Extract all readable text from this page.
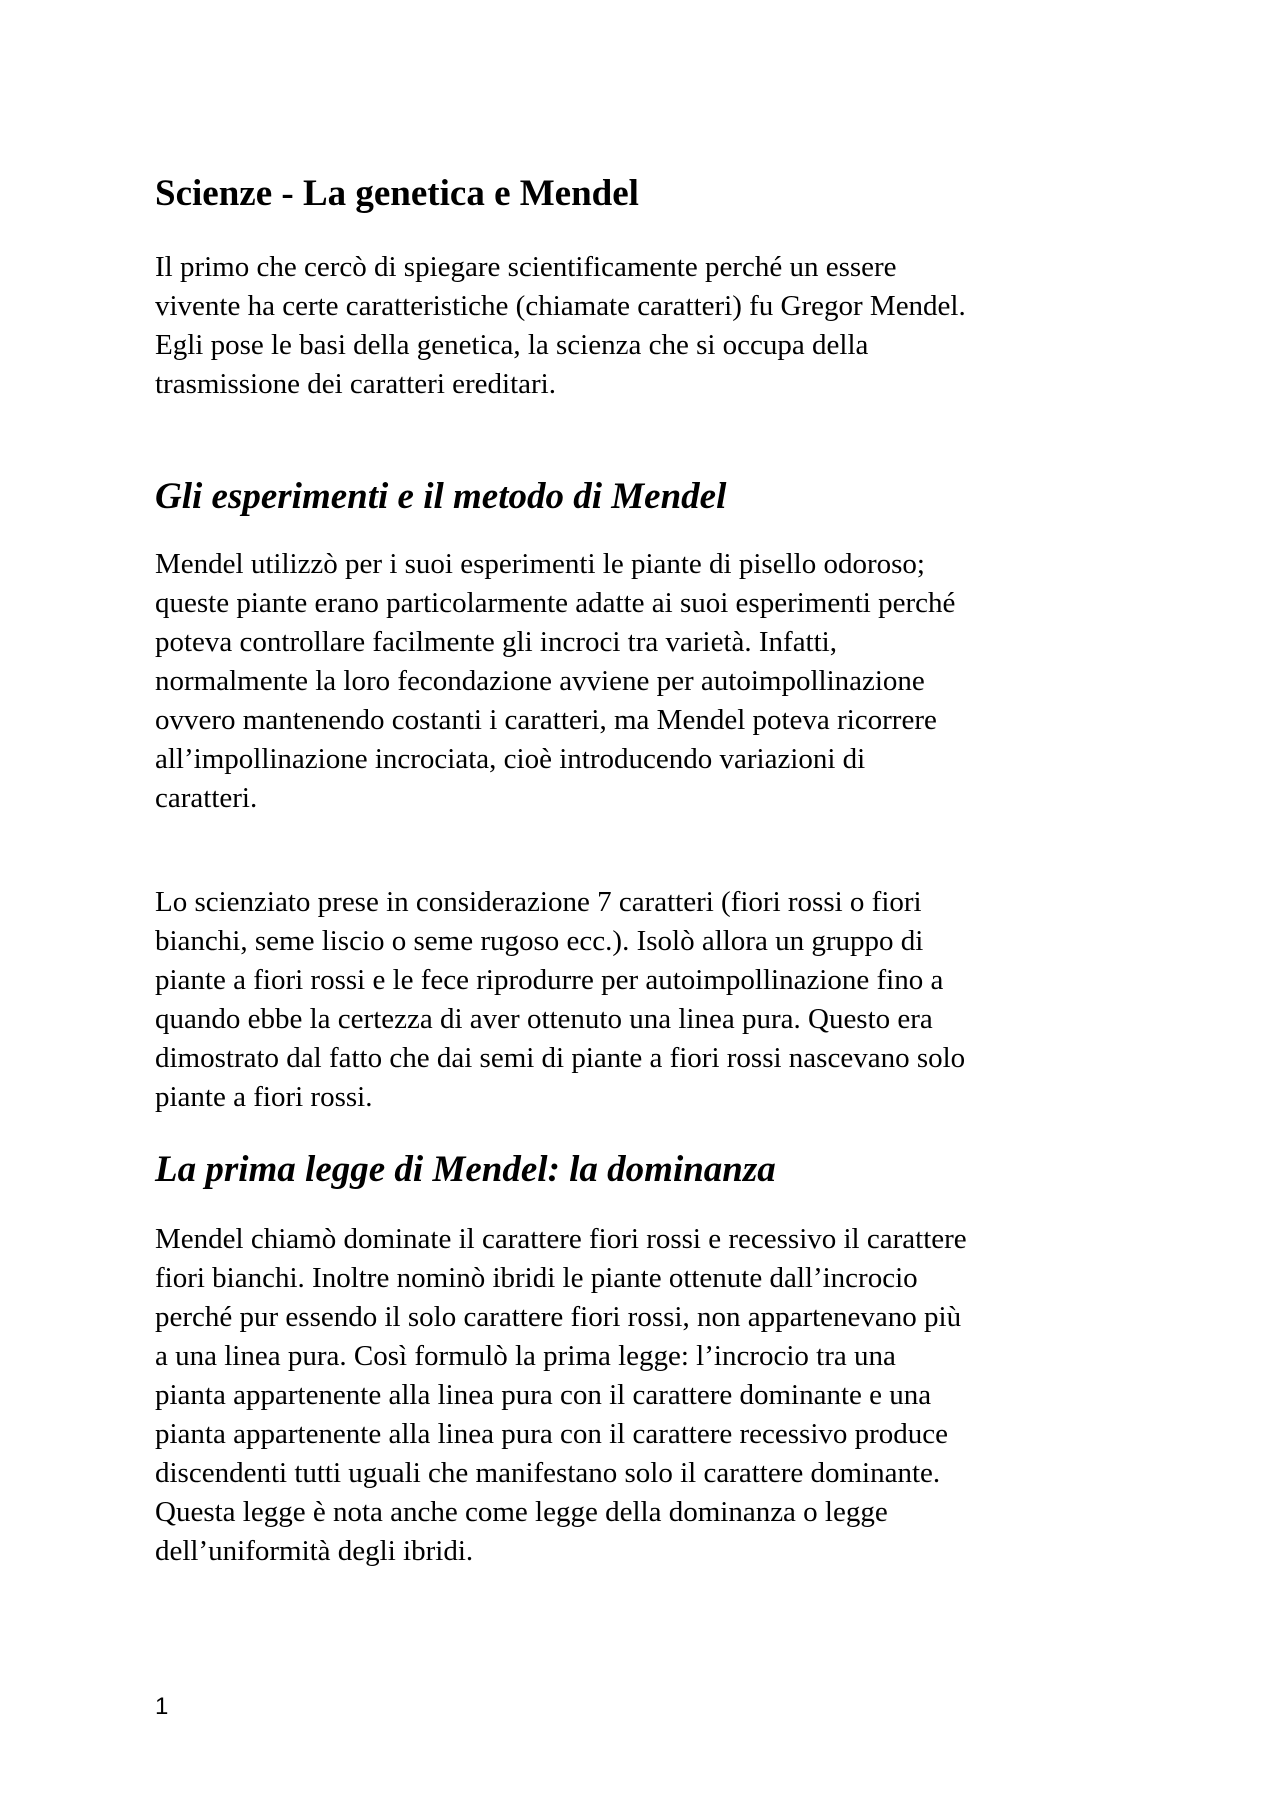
Scienze - La genetica e Mendel

Il primo che cercò di spiegare scientificamente perché un essere
vivente ha certe caratteristiche (chiamate caratteri) fu Gregor Mendel.
Egli pose le basi della genetica, la scienza che si occupa della
trasmissione dei caratteri ereditari.

Gli esperimenti e il metodo di Mendel

Mendel utilizzò per i suoi esperimenti le piante di pisello odoroso;
queste piante erano particolarmente adatte ai suoi esperimenti perché
poteva controllare facilmente gli incroci tra varietà. Infatti,
normalmente la loro fecondazione avviene per autoimpollinazione
ovvero mantenendo costanti i caratteri, ma Mendel poteva ricorrere
all’impollinazione incrociata, cioè introducendo variazioni di
caratteri.

Lo scienziato prese in considerazione 7 caratteri (fiori rossi o fiori
bianchi, seme liscio o seme rugoso ecc.). Isolò allora un gruppo di
piante a fiori rossi e le fece riprodurre per autoimpollinazione fino a
quando ebbe la certezza di aver ottenuto una linea pura. Questo era
dimostrato dal fatto che dai semi di piante a fiori rossi nascevano solo
piante a fiori rossi.

La prima legge di Mendel: la dominanza

Mendel chiamò dominate il carattere fiori rossi e recessivo il carattere
fiori bianchi. Inoltre nominò ibridi le piante ottenute dall’incrocio
perché pur essendo il solo carattere fiori rossi, non appartenevano più
a una linea pura. Così formulò la prima legge: l’incrocio tra una
pianta appartenente alla linea pura con il carattere dominante e una
pianta appartenente alla linea pura con il carattere recessivo produce
discendenti tutti uguali che manifestano solo il carattere dominante.
Questa legge è nota anche come legge della dominanza o legge
dell’uniformità degli ibridi.

1
